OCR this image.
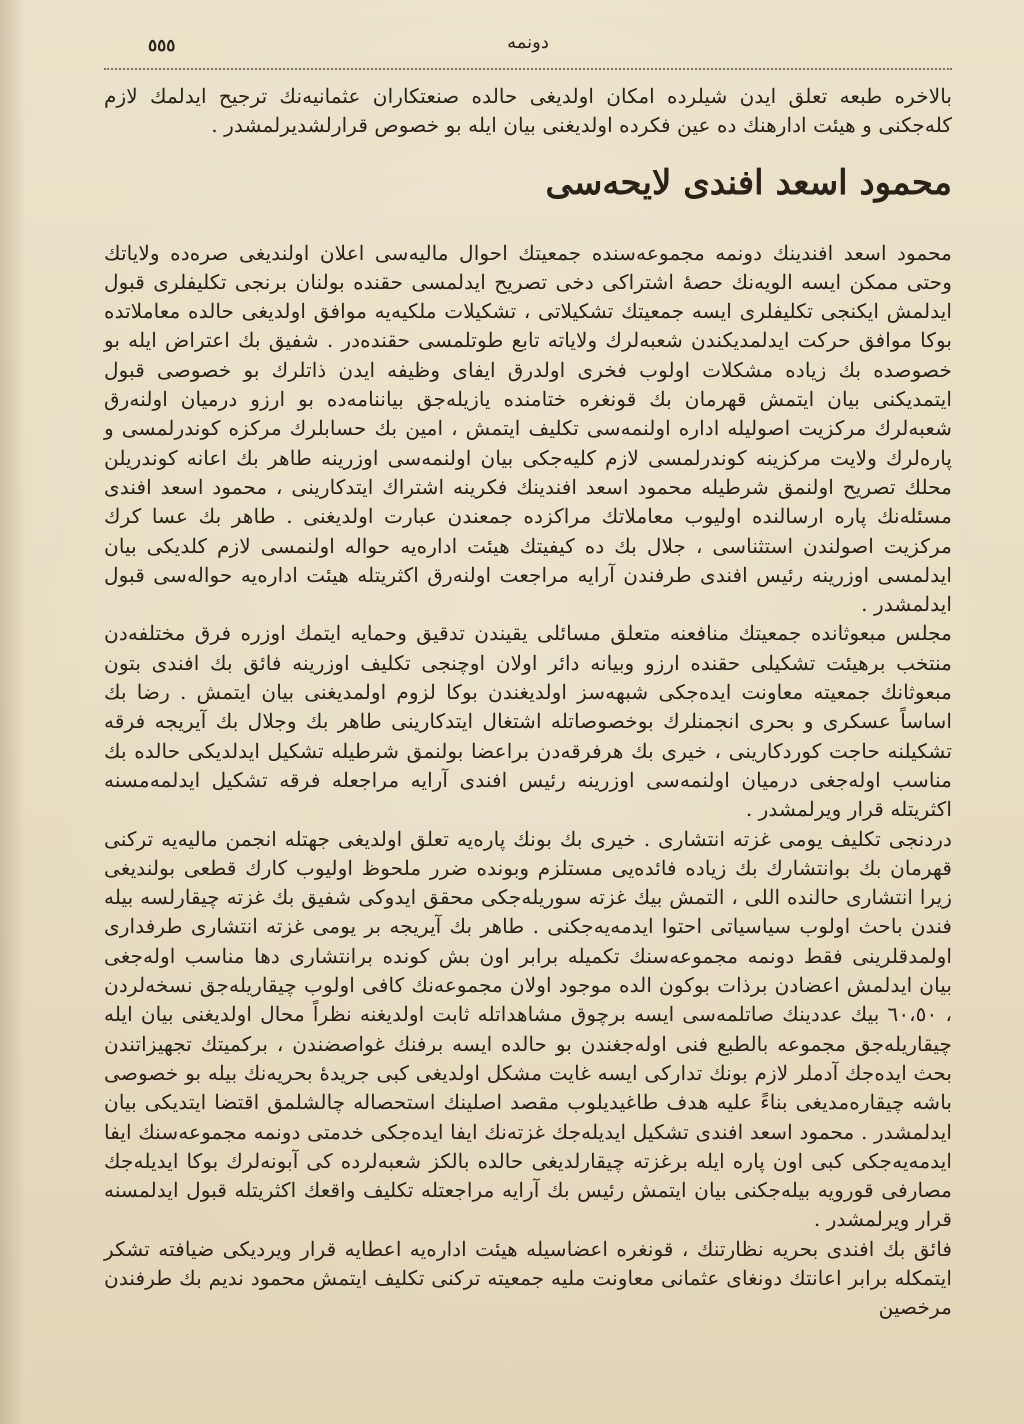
٥٥٥	دونمه

بالاخره طبعه تعلق ایدن شیلرده امکان اولدیغی حالده صنعتکاران عثمانیه‌نك ترجیح ایدلمك لازم کله‌جکنی و هیئت ادارهنك ده عین فکرده اولدیغنی بیان ایله بو خصوص قرارلشدیرلمشدر .

محمود اسعد افندی لایحه‌سی

محمود اسعد افندینك دونمه مجموعه‌سنده جمعیتك احوال مالیه‌سی اعلان اولندیغی صره‌ده ولایاتك وحتی ممکن ایسه الویه‌نك حصهٔ اشتراکی دخی تصریح ایدلمسی حقنده بولنان برنجی تکلیفلری قبول ایدلمش ایکنجی تکلیفلری ایسه جمعیتك تشکیلاتی ، تشکیلات ملکیه‌یه موافق اولدیغی حالده معاملاتده بوکا موافق حرکت ایدلمدیکندن شعبه‌لرك ولایاته تابع طوتلمسی حقنده‌در . شفیق بك اعتراض ایله بو خصوصده بك زیاده مشکلات اولوب فخری اولدرق ایفای وظیفه ایدن ذاتلرك بو خصوصی قبول ایتمدیکنی بیان ایتمش قهرمان بك قونغره ختامنده یازیله‌جق بیاننامه‌ده بو ارزو درمیان اولنه‌رق شعبه‌لرك مرکزیت اصولیله اداره اولنمه‌سی تکلیف ایتمش ، امین بك حسابلرك مرکزه کوندرلمسی و پاره‌لرك ولایت مرکزینه کوندرلمسی لازم کلیه‌جکی بیان اولنمه‌سی اوزرینه طاهر بك اعانه کوندریلن محلك تصریح اولنمق شرطیله محمود اسعد افندینك فکرینه اشتراك ایتدکارینی ، محمود اسعد افندی مسئله‌نك پاره ارسالنده اولیوب معاملاتك مراکزده جمعندن عبارت اولدیغنی . طاهر بك عسا کرك مرکزیت اصولندن استثناسی ، جلال بك ده کیفیتك هیئت اداره‌یه حواله اولنمسی لازم کلدیکی بیان ایدلمسی اوزرینه رئیس افندی طرفندن آرایه مراجعت اولنه‌رق اکثریتله هیئت اداره‌یه حواله‌سی قبول ایدلمشدر .

مجلس مبعوثانده جمعیتك منافعنه متعلق مسائلی یقیندن تدقیق وحمایه ایتمك اوزره فرق مختلفه‌دن منتخب برهیئت تشکیلی حقنده ارزو وبیانه دائر اولان اوچنجی تکلیف اوزرینه فائق بك افندی بتون مبعوثانك جمعیته معاونت ایده‌جکی شبهه‌سز اولدیغندن بوکا لزوم اولمدیغنی بیان ایتمش . رضا بك اساساً عسکری و بحری انجمنلرك بوخصوصاتله اشتغال ایتدکارینی طاهر بك وجلال بك آیریجه فرقه تشکیلنه حاجت کوردکارینی ، خیری بك هرفرقه‌دن براعضا بولنمق شرطیله تشکیل ایدلدیکی حالده بك مناسب اوله‌جغی درمیان اولنمه‌سی اوزرینه رئیس افندی آرایه مراجعله فرقه تشکیل ایدلمه‌مسنه اکثریتله قرار ویرلمشدر .

دردنجی تکلیف یومی غزته انتشاری . خیری بك بونك پاره‌یه تعلق اولدیغی جهتله انجمن مالیه‌یه ترکنی قهرمان بك بوانتشارك بك زیاده فائده‌یی مستلزم وبونده ضرر ملحوظ اولیوب کارك قطعی بولندیغی زیرا انتشاری حالنده اللی ، التمش بیك غزته سوریله‌جکی محقق ایدوکی شفیق بك غزته چیقارلسه بیله فندن باحث اولوب سیاسیاتی احتوا ایدمه‌یه‌جکنی . طاهر بك آیریجه بر یومی غزته انتشاری طرفداری اولمدقلرینی فقط دونمه مجموعه‌سنك تکمیله برابر اون بش کونده برانتشاری دها مناسب اوله‌جغی بیان ایدلمش اعضادن برذات بوکون الده موجود اولان مجموعه‌نك کافی اولوب چیقاریله‌جق نسخه‌لردن ، ٦٠،٥٠ بیك عددینك صاتلمه‌سی ایسه برچوق مشاهداتله ثابت اولدیغنه نظراً محال اولدیغنی بیان ایله چیقاریله‌جق مجموعه بالطبع فنی اوله‌جغندن بو حالده ایسه برفنك غواصضندن ، برکمیتك تجهیزاتندن بحث ایده‌جك آدملر لازم بونك تدارکی ایسه غایت مشکل اولدیغی کبی جریدهٔ بحریه‌نك بیله بو خصوصی باشه چیقاره‌مدیغی بناءً علیه هدف طاغیدیلوب مقصد اصلینك استحصاله چالشلمق اقتضا ایتدیکی بیان ایدلمشدر . محمود اسعد افندی تشکیل ایدیله‌جك غزته‌نك ایفا ایده‌جکی خدمتی دونمه مجموعه‌سنك ایفا ایدمه‌یه‌جکی کبی اون پاره ایله برغزته چیقارلدیغی حالده بالکز شعبه‌لرده کی آبونه‌لرك بوکا ایدیله‌جك مصارفی قورویه بیله‌جکنی بیان ایتمش رئیس بك آرایه مراجعتله تکلیف واقعك اکثریتله قبول ایدلمسنه قرار ویرلمشدر .

فائق بك افندی بحریه نظارتنك ، قونغره اعضاسیله هیئت اداره‌یه اعطایه قرار ویردیکی ضیافته تشکر ایتمکله برابر اعانتك دونغای عثمانی معاونت ملیه جمعیته ترکنی تکلیف ایتمش محمود ندیم بك طرفندن مرخصین
